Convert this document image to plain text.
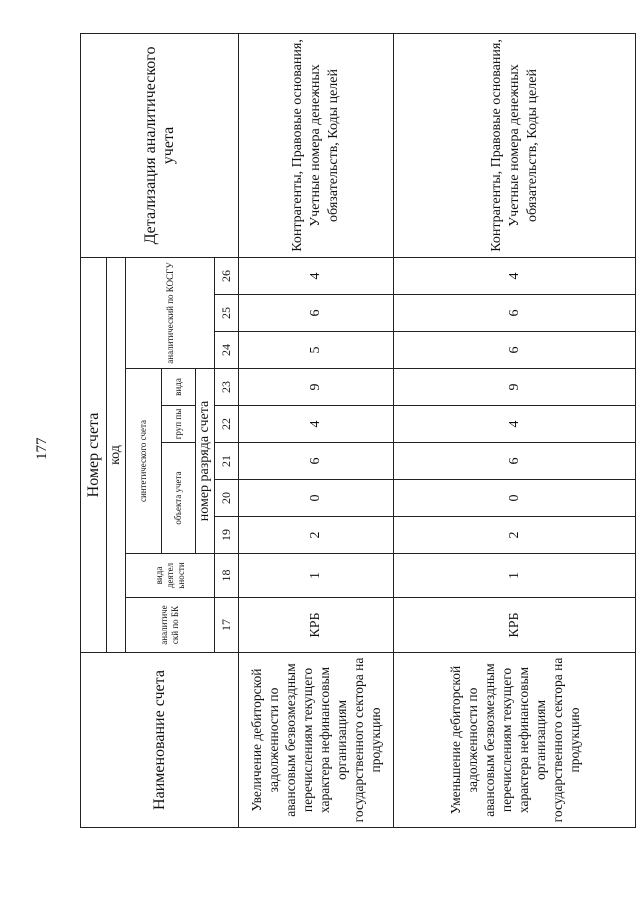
177
Наименование счета	Номер счета										Детализация аналитического учета
	код										
	аналитиче скй по БК	вида деятел ьности	синтетического счета					аналитический по КОСГУ			
			объекта учета			груп пы	вида				
			номер разряда счета								
	17	18	19	20	21	22	23	24	25	26	
Увеличение дебиторской задолженности по авансовым безвозмездным перечислениям текущего характера нефинансовым организациям государственного сектора на продукцию	КРБ	1	2	0	6	4	9	5	6	4	Контрагенты, Правовые основания, Учетные номера денежных обязательств, Коды целей
Уменьшение дебиторской задолженности по авансовым безвозмездным перечислениям текущего характера нефинансовым организациям государственного сектора на продукцию	КРБ	1	2	0	6	4	9	6	6	4	Контрагенты, Правовые основания, Учетные номера денежных обязательств, Коды целей
